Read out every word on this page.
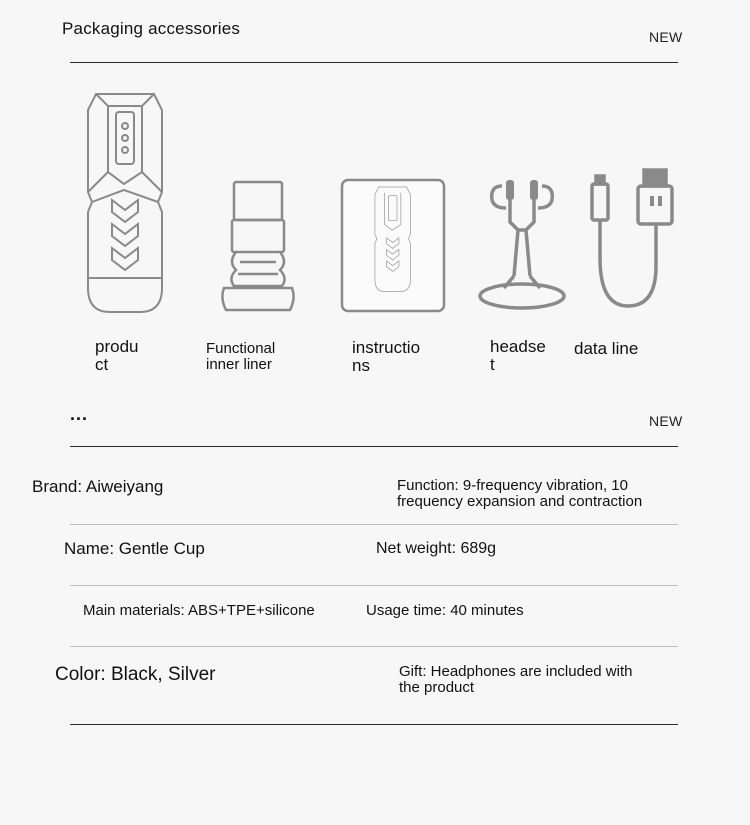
Packaging accessories	NEW
produ
ct
Functional
inner liner
instructio
ns
headse
t
data line
...	NEW
Brand: Aiweiyang	Function: 9-frequency vibration, 10 frequency expansion and contraction
Name: Gentle Cup	Net weight: 689g
Main materials: ABS+TPE+silicone	Usage time: 40 minutes
Color: Black, Silver	Gift: Headphones are included with the product
